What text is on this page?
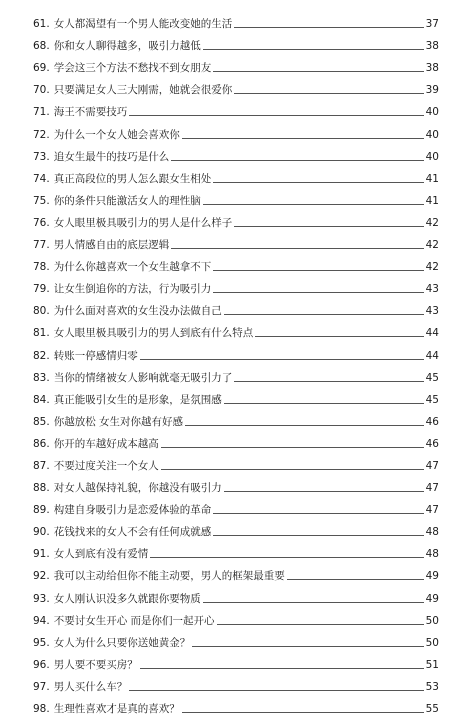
61. 女人都渴望有一个男人能改变她的生活	37
68. 你和女人聊得越多，吸引力越低	38
69. 学会这三个方法不愁找不到女朋友	38
70. 只要满足女人三大刚需，她就会很爱你	39
71. 海王不需要技巧	40
72. 为什么一个女人她会喜欢你	40
73. 追女生最牛的技巧是什么	40
74. 真正高段位的男人怎么跟女生相处	41
75. 你的条件只能激活女人的理性脑	41
76. 女人眼里极具吸引力的男人是什么样子	42
77. 男人情感自由的底层逻辑	42
78. 为什么你越喜欢一个女生越拿不下	42
79. 让女生倒追你的方法，行为吸引力	43
80. 为什么面对喜欢的女生没办法做自己	43
81. 女人眼里极具吸引力的男人到底有什么特点	44
82. 转账一停感情归零	44
83. 当你的情绪被女人影响就毫无吸引力了	45
84. 真正能吸引女生的是形象，是氛围感	45
85. 你越放松 女生对你越有好感	46
86. 你开的车越好成本越高	46
87. 不要过度关注一个女人	47
88. 对女人越保持礼貌，你越没有吸引力	47
89. 构建自身吸引力是恋爱体验的革命	47
90. 花钱找来的女人不会有任何成就感	48
91. 女人到底有没有爱情	48
92. 我可以主动给但你不能主动要，男人的框架最重要	49
93. 女人刚认识没多久就跟你要物质	49
94. 不要讨女生开心 而是你们一起开心	50
95. 女人为什么只要你送她黄金？	50
96. 男人要不要买房？	51
97. 男人买什么车？	53
98. 生理性喜欢才是真的喜欢？	55
